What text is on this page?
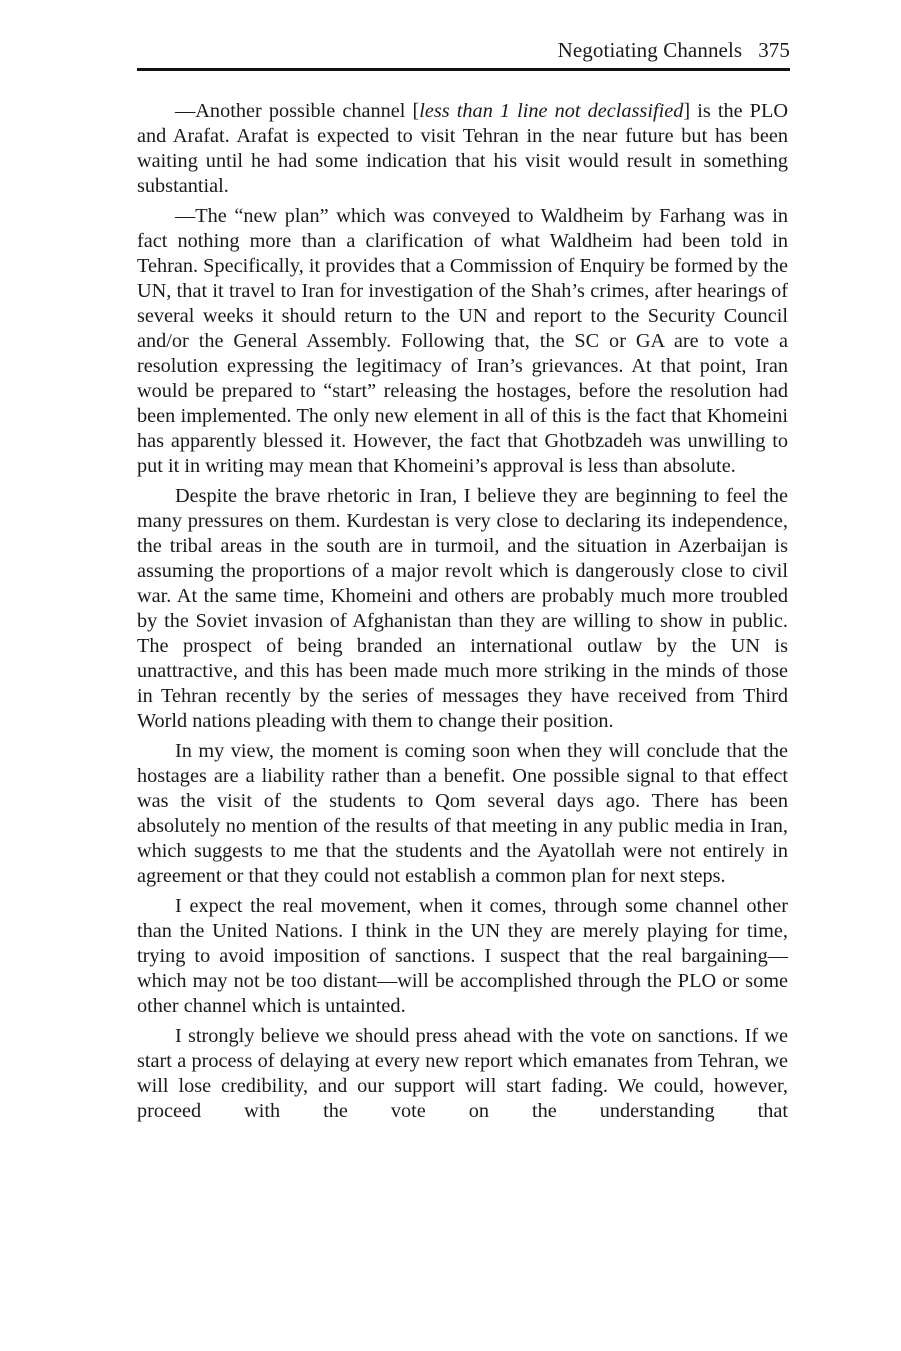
Negotiating Channels 375

—Another possible channel [less than 1 line not declassified] is the PLO and Arafat. Arafat is expected to visit Tehran in the near future but has been waiting until he had some indication that his visit would result in something substantial.

—The “new plan” which was conveyed to Waldheim by Farhang was in fact nothing more than a clarification of what Waldheim had been told in Tehran. Specifically, it provides that a Commission of Enquiry be formed by the UN, that it travel to Iran for investigation of the Shah’s crimes, after hearings of several weeks it should return to the UN and report to the Security Council and/or the General Assembly. Following that, the SC or GA are to vote a resolution expressing the legitimacy of Iran’s grievances. At that point, Iran would be prepared to “start” releasing the hostages, before the resolution had been implemented. The only new element in all of this is the fact that Khomeini has apparently blessed it. However, the fact that Ghotbzadeh was unwilling to put it in writing may mean that Khomeini’s approval is less than absolute.

Despite the brave rhetoric in Iran, I believe they are beginning to feel the many pressures on them. Kurdestan is very close to declaring its independence, the tribal areas in the south are in turmoil, and the situation in Azerbaijan is assuming the proportions of a major revolt which is dangerously close to civil war. At the same time, Khomeini and others are probably much more troubled by the Soviet invasion of Afghanistan than they are willing to show in public. The prospect of being branded an international outlaw by the UN is unattractive, and this has been made much more striking in the minds of those in Tehran recently by the series of messages they have received from Third World nations pleading with them to change their position.

In my view, the moment is coming soon when they will conclude that the hostages are a liability rather than a benefit. One possible signal to that effect was the visit of the students to Qom several days ago. There has been absolutely no mention of the results of that meeting in any public media in Iran, which suggests to me that the students and the Ayatollah were not entirely in agreement or that they could not establish a common plan for next steps.

I expect the real movement, when it comes, through some channel other than the United Nations. I think in the UN they are merely playing for time, trying to avoid imposition of sanctions. I suspect that the real bargaining—which may not be too distant—will be accomplished through the PLO or some other channel which is untainted.

I strongly believe we should press ahead with the vote on sanctions. If we start a process of delaying at every new report which emanates from Tehran, we will lose credibility, and our support will start fading. We could, however, proceed with the vote on the understanding that
